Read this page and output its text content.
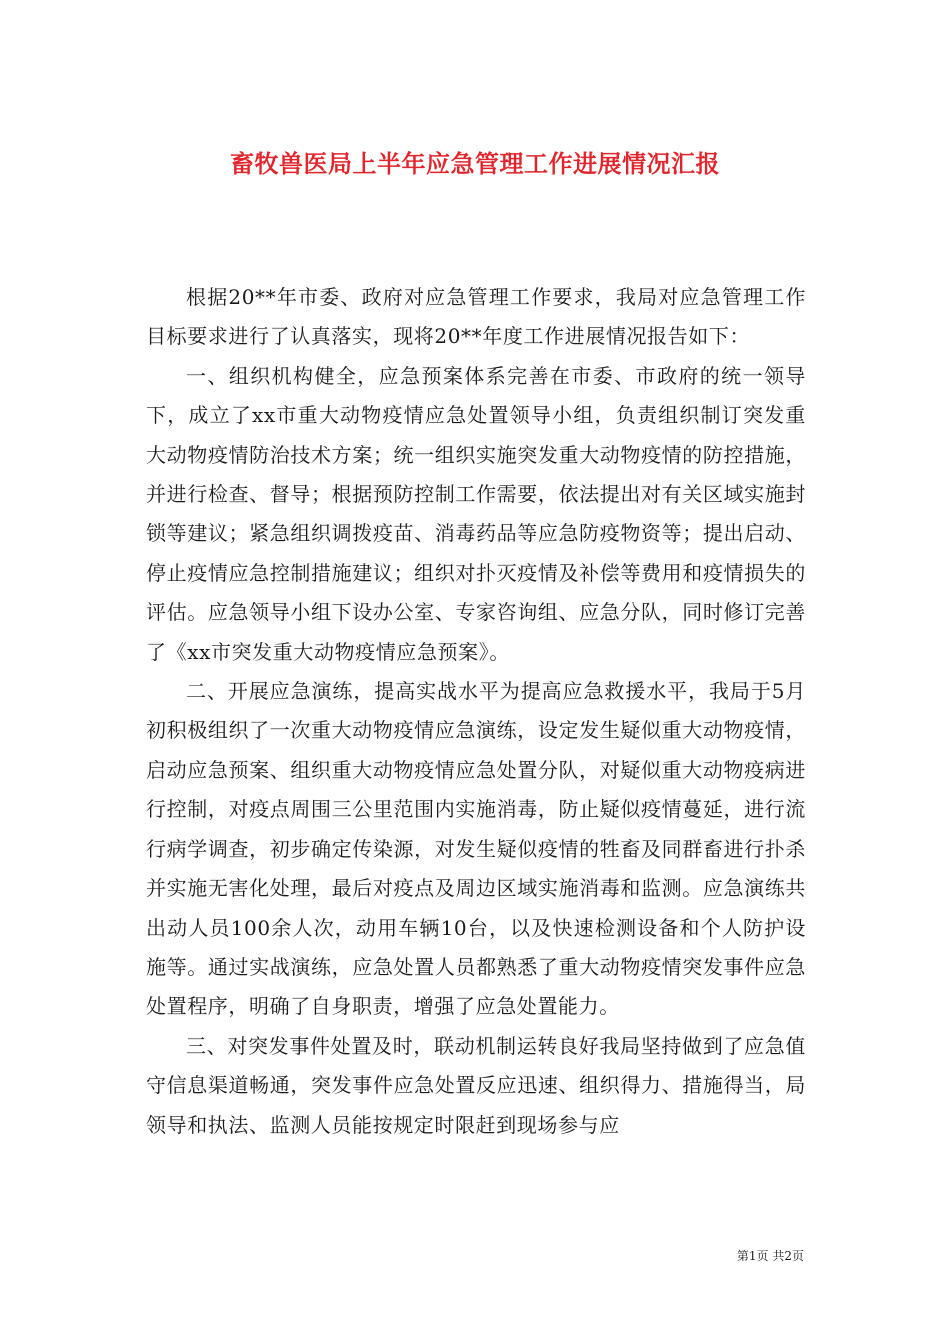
畜牧兽医局上半年应急管理工作进展情况汇报

根据20**年市委、政府对应急管理工作要求，我局对应急管理工作目标要求进行了认真落实，现将20**年度工作进展情况报告如下：

一、组织机构健全，应急预案体系完善在市委、市政府的统一领导下，成立了xx市重大动物疫情应急处置领导小组，负责组织制订突发重大动物疫情防治技术方案；统一组织实施突发重大动物疫情的防控措施，并进行检查、督导；根据预防控制工作需要，依法提出对有关区域实施封锁等建议；紧急组织调拨疫苗、消毒药品等应急防疫物资等；提出启动、停止疫情应急控制措施建议；组织对扑灭疫情及补偿等费用和疫情损失的评估。应急领导小组下设办公室、专家咨询组、应急分队，同时修订完善了《xx市突发重大动物疫情应急预案》。

二、开展应急演练，提高实战水平为提高应急救援水平，我局于5月初积极组织了一次重大动物疫情应急演练，设定发生疑似重大动物疫情，启动应急预案、组织重大动物疫情应急处置分队，对疑似重大动物疫病进行控制，对疫点周围三公里范围内实施消毒，防止疑似疫情蔓延，进行流行病学调查，初步确定传染源，对发生疑似疫情的牲畜及同群畜进行扑杀并实施无害化处理，最后对疫点及周边区域实施消毒和监测。应急演练共出动人员100余人次，动用车辆10台，以及快速检测设备和个人防护设施等。通过实战演练，应急处置人员都熟悉了重大动物疫情突发事件应急处置程序，明确了自身职责，增强了应急处置能力。

三、对突发事件处置及时，联动机制运转良好我局坚持做到了应急值守信息渠道畅通，突发事件应急处置反应迅速、组织得力、措施得当，局领导和执法、监测人员能按规定时限赶到现场参与应

第1页 共2页
